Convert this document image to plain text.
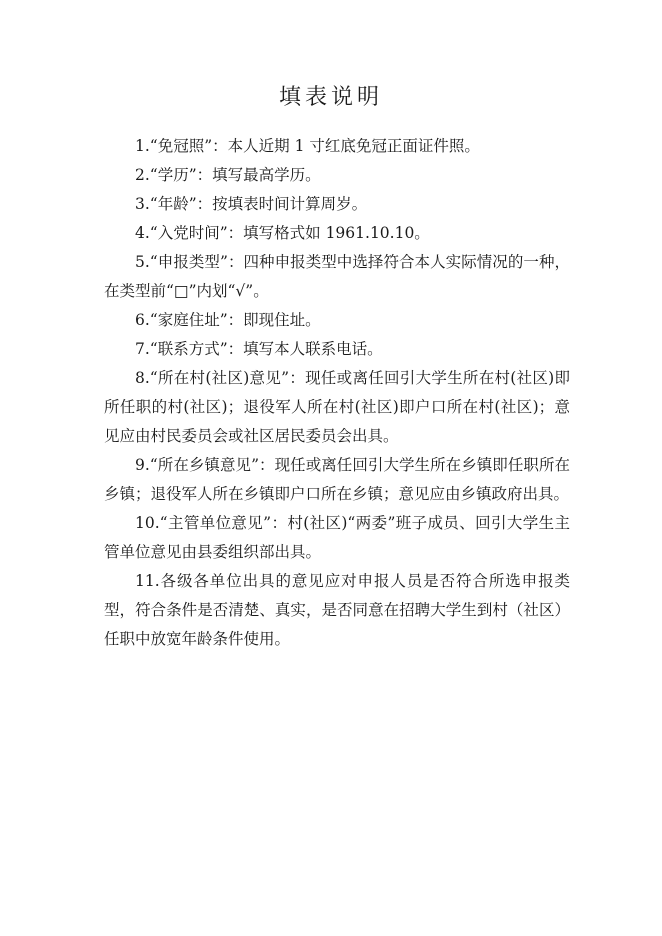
填表说明

1.“免冠照”：本人近期 1 寸红底免冠正面证件照。

2.“学历”：填写最高学历。

3.“年龄”：按填表时间计算周岁。

4.“入党时间”：填写格式如 1961.10.10。

5.“申报类型”：四种申报类型中选择符合本人实际情况的一种，在类型前“□”内划“√”。

6.“家庭住址”：即现住址。

7.“联系方式”：填写本人联系电话。

8.“所在村(社区)意见”：现任或离任回引大学生所在村(社区)即所任职的村(社区)；退役军人所在村(社区)即户口所在村(社区)；意见应由村民委员会或社区居民委员会出具。

9.“所在乡镇意见”：现任或离任回引大学生所在乡镇即任职所在乡镇；退役军人所在乡镇即户口所在乡镇；意见应由乡镇政府出具。

10.“主管单位意见”：村(社区)“两委”班子成员、回引大学生主管单位意见由县委组织部出具。

11.各级各单位出具的意见应对申报人员是否符合所选申报类型，符合条件是否清楚、真实，是否同意在招聘大学生到村（社区）任职中放宽年龄条件使用。
